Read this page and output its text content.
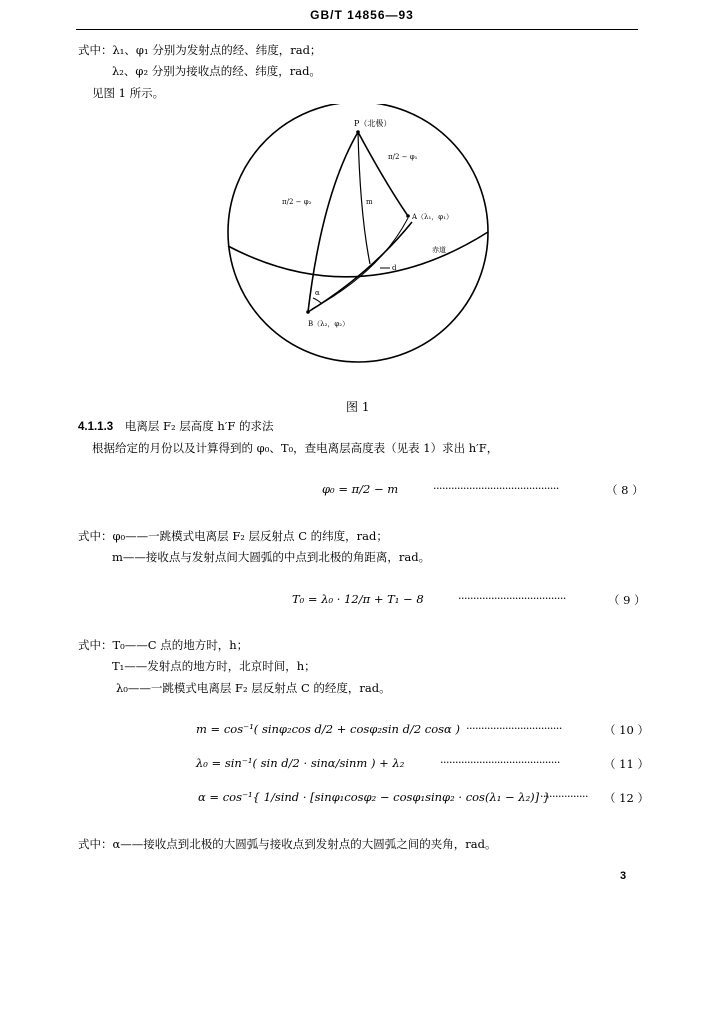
GB/T 14856—93
式中：λ₁、φ₁ 分别为发射点的经、纬度，rad；
λ₂、φ₂ 分别为接收点的经、纬度，rad。
见图 1 所示。
P（北极）
π/2 − φ₁
π/2 − φ₂	m
A（λ₁，φ₁）
赤道
d
α
B（λ₂，φ₂）
图 1
4.1.1.3 电离层 F₂ 层高度 h′F 的求法
根据给定的月份以及计算得到的 φ₀、T₀，查电离层高度表（见表 1）求出 h′F，
φ₀ = π/2 − m	··········································	（ 8 ）
式中：φ₀——一跳模式电离层 F₂ 层反射点 C 的纬度，rad；
m——接收点与发射点间大圆弧的中点到北极的角距离，rad。
T₀ = λ₀ · 12/π + T₁ − 8	····································	（ 9 ）
式中：T₀——C 点的地方时，h；
T₁——发射点的地方时，北京时间，h；
λ₀——一跳模式电离层 F₂ 层反射点 C 的经度，rad。
m = cos⁻¹( sinφ₂cos d/2 + cosφ₂sin d/2 cosα ) ································	（ 10 ）
λ₀ = sin⁻¹( sin d/2 · sinα/sinm ) + λ₂	········································	（ 11 ）
α = cos⁻¹{ 1/sind · [sinφ₁cosφ₂ − cosφ₁sinφ₂ · cos(λ₁ − λ₂)] }
················ （ 12 ）
式中：α——接收点到北极的大圆弧与接收点到发射点的大圆弧之间的夹角，rad。
3
